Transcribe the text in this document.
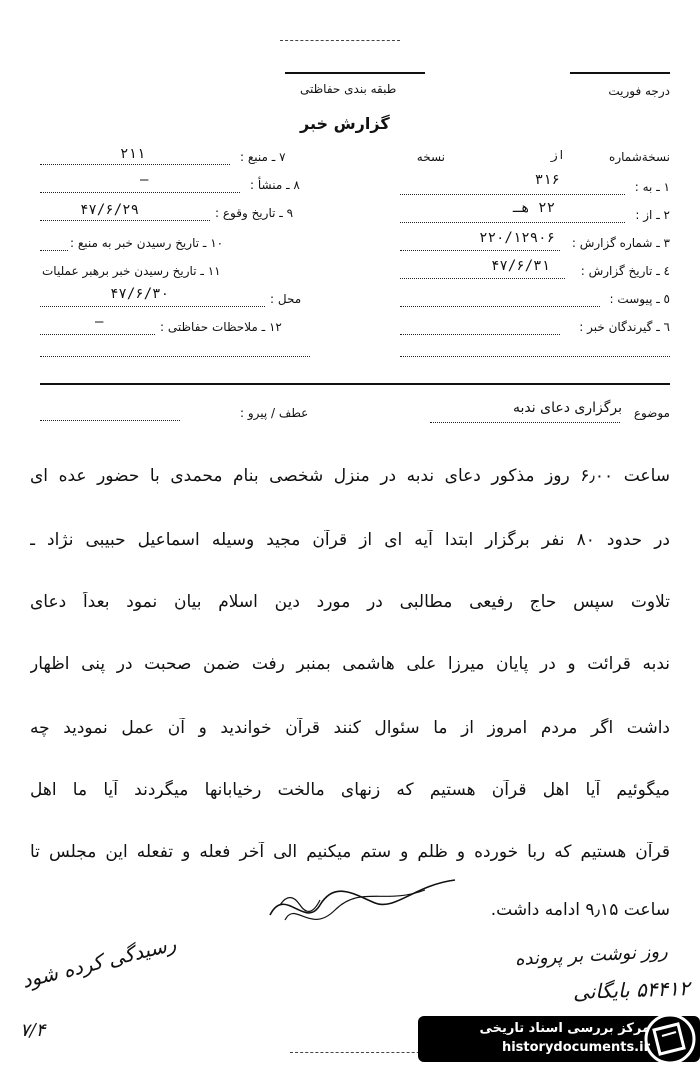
درجه فوریت
طبقه بندی حفاظتی
گزارش خبر
نسخةشماره
از
نسخه
۱ ـ به :
۳۱۶
۲ ـ از :
۲۲ هـ
۳ ـ شماره گزارش :
۲۲۰/۱۲۹۰۶
٤ ـ تاریخ گزارش :
۴۷/۶/۳۱
٥ ـ پیوست :
٦ ـ گیرندگان خبر :
۷ ـ منبع :
۲۱۱
۸ ـ منشأ :
—
۹ ـ تاریخ وقوع :
۴۷/۶/۲۹
۱۰ ـ تاریخ رسیدن خبر به منبع :
۱۱ ـ تاریخ رسیدن خبر برهبر عملیات
محل :
۴۷/۶/۳۰
۱۲ ـ ملاحظات حفاظتی :
—
موضوع
برگزاری دعای ندبه
عطف / پیرو :
ساعت ۶٫۰۰ روز مذکور دعای ندبه در منزل شخصی بنام محمدی با حضور عده ای
در حدود ۸۰ نفر برگزار ابتدا آیه ای از قرآن مجید وسیله اسماعیل حبیبی نژاد ـ
تلاوت سپس حاج رفیعی مطالبی در مورد دین اسلام بیان نمود بعداً دعای
ندبه قرائت و در پایان میرزا علی هاشمی بمنبر رفت ضمن صحبت در پنی اظهار
داشت اگر مردم امروز از ما سئوال کنند قرآن خواندید و آن عمل نمودید چه
میگوئیم آیا اهل قرآن هستیم که زنهای مالخت رخیابانها میگردند آیا ما اهل
قرآن هستیم که ربا خورده و ظلم و ستم میکنیم الی آخر فعله و تفعله این مجلس تا
ساعت ۹٫۱۵ ادامه داشت.
روز نوشت بر پرونده
۵۴۴۱۲ بایگانی
رسیدگی کرده شود
۷/۴	مرکز بررسی اسناد تاریخی
historydocuments.ir
